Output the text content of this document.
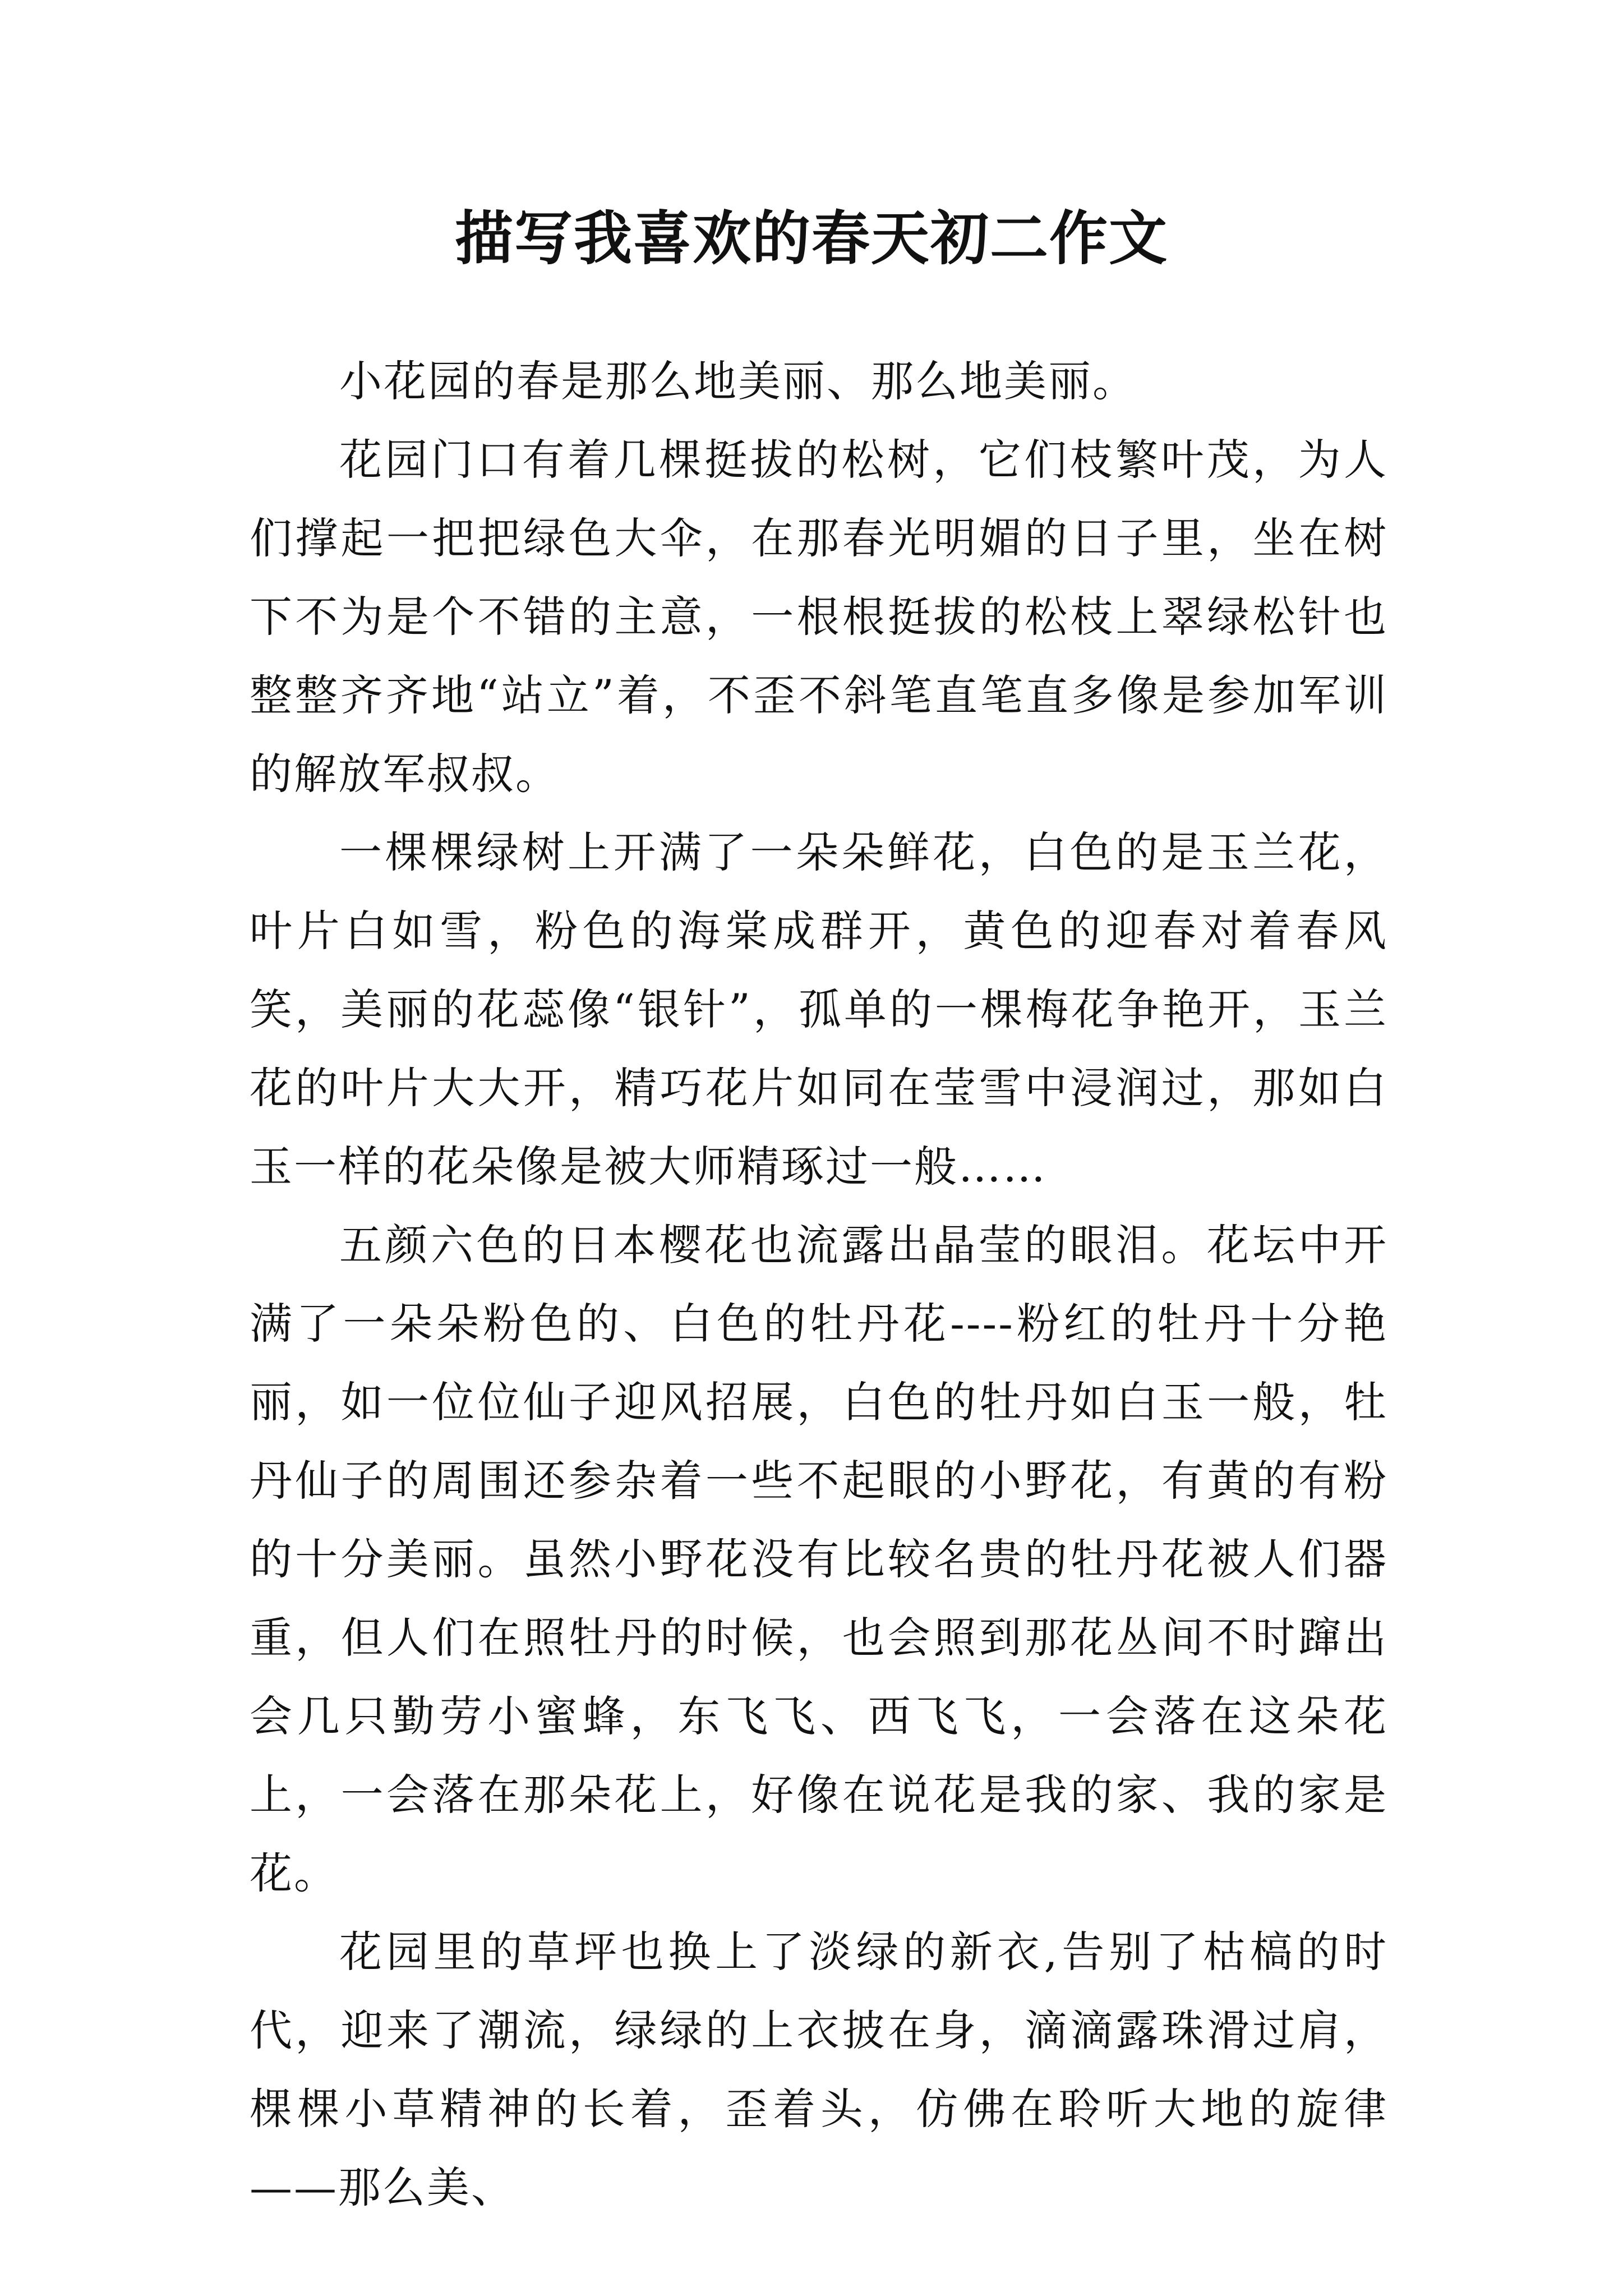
描写我喜欢的春天初二作文

小花园的春是那么地美丽、那么地美丽。

花园门口有着几棵挺拔的松树，它们枝繁叶茂，为人们撑起一把把绿色大伞，在那春光明媚的日子里，坐在树下不为是个不错的主意，一根根挺拔的松枝上翠绿松针也整整齐齐地“站立”着，不歪不斜笔直笔直多像是参加军训的解放军叔叔。

一棵棵绿树上开满了一朵朵鲜花，白色的是玉兰花，叶片白如雪，粉色的海棠成群开，黄色的迎春对着春风笑，美丽的花蕊像“银针”，孤单的一棵梅花争艳开，玉兰花的叶片大大开，精巧花片如同在莹雪中浸润过，那如白玉一样的花朵像是被大师精琢过一般……

五颜六色的日本樱花也流露出晶莹的眼泪。花坛中开满了一朵朵粉色的、白色的牡丹花----粉红的牡丹十分艳丽，如一位位仙子迎风招展，白色的牡丹如白玉一般，牡丹仙子的周围还参杂着一些不起眼的小野花，有黄的有粉的十分美丽。虽然小野花没有比较名贵的牡丹花被人们器重，但人们在照牡丹的时候，也会照到那花丛间不时蹿出会几只勤劳小蜜蜂，东飞飞、西飞飞，一会落在这朵花上，一会落在那朵花上，好像在说花是我的家、我的家是花。

花园里的草坪也换上了淡绿的新衣,告别了枯槁的时代，迎来了潮流，绿绿的上衣披在身，滴滴露珠滑过肩，棵棵小草精神的长着，歪着头，仿佛在聆听大地的旋律——那么美、
